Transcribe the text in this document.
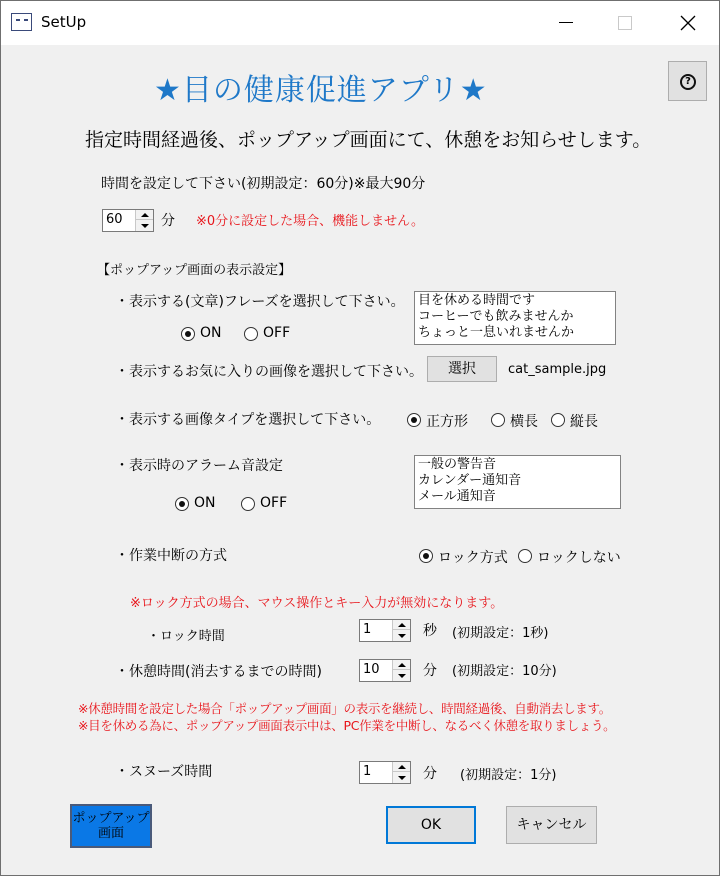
SetUp
★目の健康促進アプリ★	?
指定時間経過後、ポップアップ画面にて、休憩をお知らせします。
時間を設定して下さい(初期設定：60分)※最大90分
60	分 ※0分に設定した場合、機能しません。
【ポップアップ画面の表示設定】
・表示する(文章)フレーズを選択して下さい。
ON	OFF
目を休める時間です
コーヒーでも飲みませんか
ちょっと一息いれませんか
・表示するお気に入りの画像を選択して下さい。	選択	cat_sample.jpg
・表示する画像タイプを選択して下さい。	正方形	横長 縦長
・表示時のアラーム音設定
ON	OFF
一般の警告音
カレンダー通知音
メール通知音
・作業中断の方式	ロック方式 ロックしない
※ロック方式の場合、マウス操作とキー入力が無効になります。
・ロック時間	1	秒 (初期設定：1秒)
・休憩時間(消去するまでの時間)	10	分 (初期設定：10分)
※休憩時間を設定した場合「ポップアップ画面」の表示を継続し、時間経過後、自動消去します。
※目を休める為に、ポップアップ画面表示中は、PC作業を中断し、なるべく休憩を取りましょう。
・スヌーズ時間	1	分 (初期設定：1分)
ポップアップ
画面
OK	キャンセル
